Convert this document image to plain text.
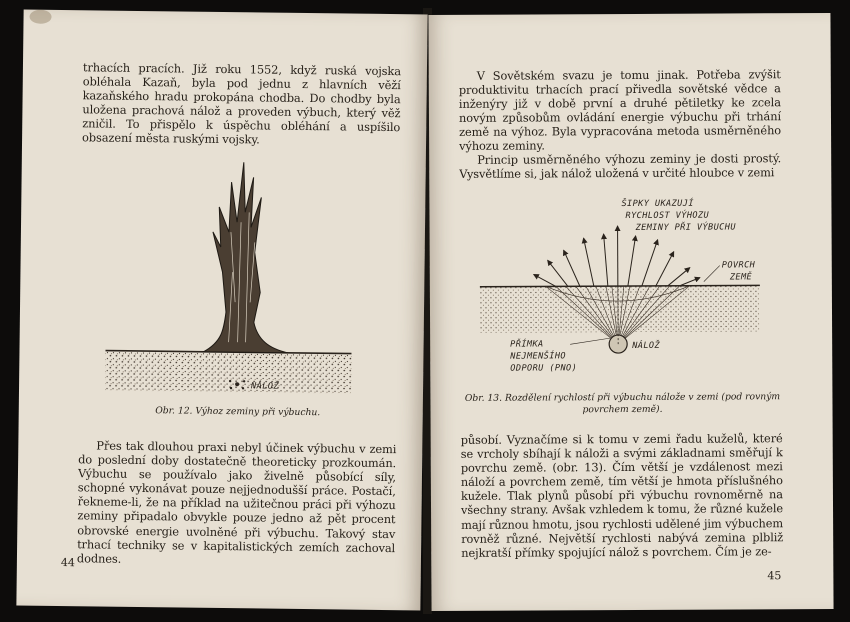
trhacích pracích. Již roku 1552, když ruská vojska obléhala Kazaň, byla pod jednu z hlavních věží kazaňského hradu prokopána chodba. Do chodby byla uložena prachová nálož a proveden výbuch, který věž zničil. To přispělo k úspěchu obléhání a uspíšilo obsazení města ruskými vojsky.
NÁLOŽ
Obr. 12. Výhoz zeminy při výbuchu.
Přes tak dlouhou praxi nebyl účinek výbuchu v zemi do poslední doby dostatečně theoreticky prozkoumán. Výbuchu se používalo jako živelně působící síly, schopné vykonávat pouze nejjednodušší práce. Postačí, řekneme-li, že na příklad na užitečnou práci při výhozu zeminy připadalo obvykle pouze jedno až pět procent obrovské energie uvolněné při výbuchu. Takový stav trhací techniky se v kapitalistických zemích zachoval dodnes.
44
V Sovětském svazu je tomu jinak. Potřeba zvýšit produktivitu trhacích prací přivedla sovětské vědce a inženýry již v době první a druhé pětiletky ke zcela novým způsobům ovládání energie výbuchu při trhání země na výhoz. Byla vypracována metoda usměrněného výhozu zeminy.
Princip usměrněného výhozu zeminy je dosti prostý. Vysvětlíme si, jak nálož uložená v určité hloubce v zemi
ŠIPKY UKAZUJÍ
RYCHLOST VÝHOZU
ZEMINY PŘI VÝBUCHU
POVRCH
ZEMĚ
NÁLOŽ
PŘÍMKA
NEJMENŠÍHO
ODPORU (PNO)
Obr. 13. Rozdělení rychlostí při výbuchu nálože v zemi (pod rovným
povrchem země).
působí. Vyznačíme si k tomu v zemi řadu kuželů, které se vrcholy sbíhají k náloži a svými základnami směřují k povrchu země. (obr. 13). Čím větší je vzdálenost mezi náloží a povrchem země, tím větší je hmota příslušného kužele. Tlak plynů působí při výbuchu rovnoměrně na všechny strany. Avšak vzhledem k tomu, že různé kužele mají různou hmotu, jsou rychlosti udělené jim výbuchem rovněž různé. Největší rychlosti nabývá zemina plbliž nejkratší přímky spojující nálož s povrchem. Čím je ze-
45
